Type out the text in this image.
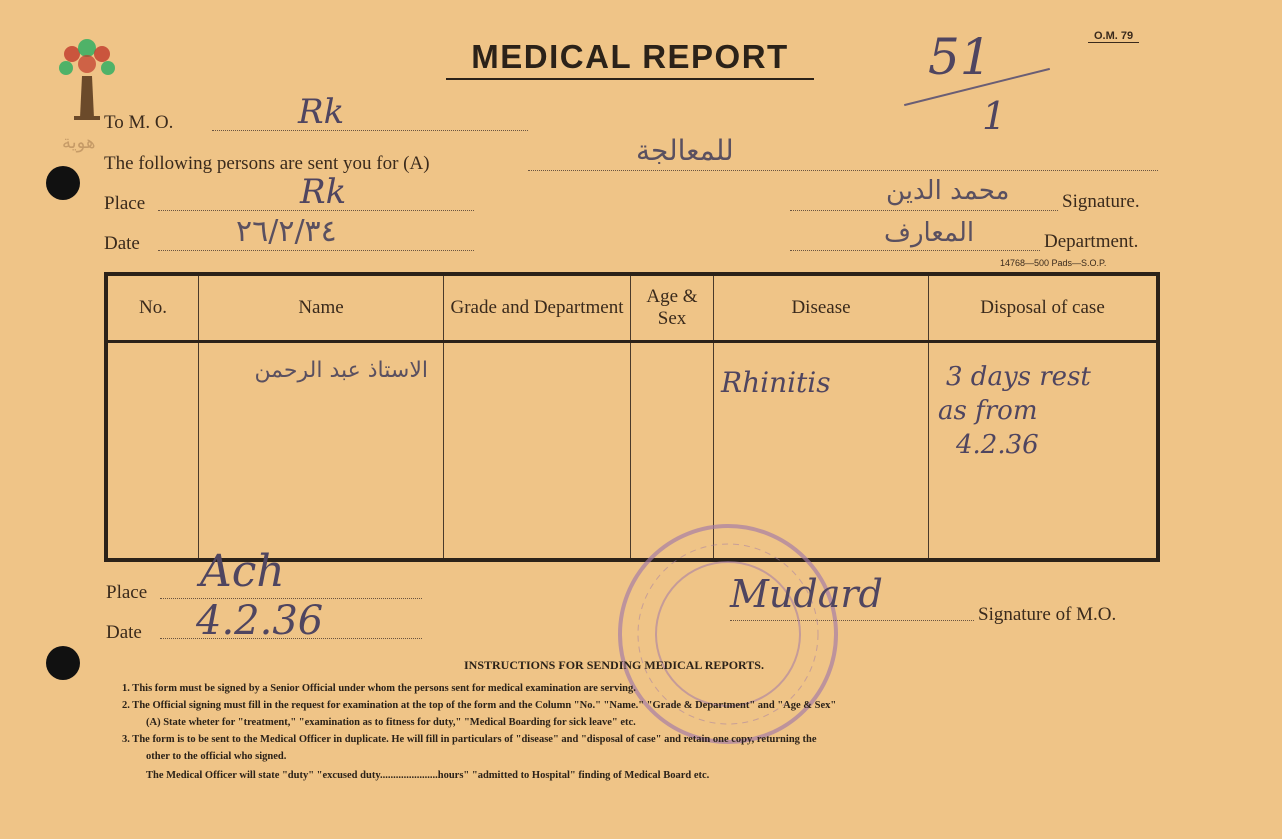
هوية
O.M. 79
MEDICAL REPORT	51
1
To M. O.	Rk
The following persons are sent you for (A)	للمعالجة
Place	Rk	محمد الدين	Signature.
Date	٢٦/٢/٣٤	المعارف	Department.
14768—500 Pads—S.O.P.
No.	Name	Grade and Department	Age & Sex	Disease	Disposal of case

	الاستاذ عبد الرحمن			Rhinitis	3 days rest
as from
4.2.36
Place Ach
Date 4.2.36
Mudard	Signature of M.O.
INSTRUCTIONS FOR SENDING MEDICAL REPORTS.
1. This form must be signed by a Senior Official under whom the persons sent for medical examination are serving.
2. The Official signing must fill in the request for examination at the top of the form and the Column "No." "Name." "Grade & Department" and "Age & Sex"
(A) State wheter for "treatment," "examination as to fitness for duty," "Medical Boarding for sick leave" etc.
3. The form is to be sent to the Medical Officer in duplicate. He will fill in particulars of "disease" and "disposal of case" and retain one copy, returning the
other to the official who signed.
The Medical Officer will state "duty" "excused duty......................hours" "admitted to Hospital" finding of Medical Board etc.
